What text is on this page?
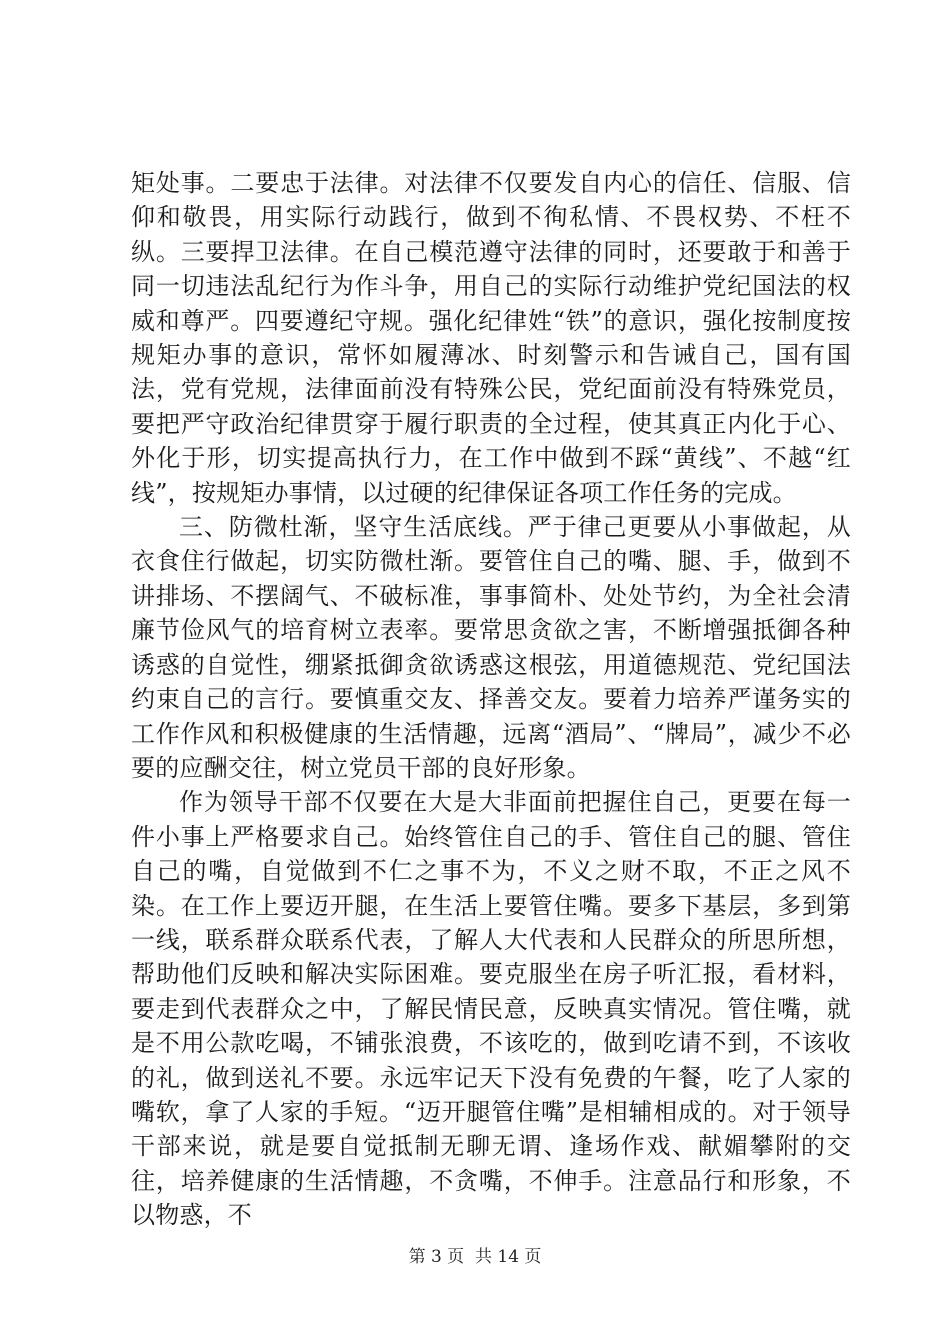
矩处事。二要忠于法律。对法律不仅要发自内心的信任、信服、信仰和敬畏，用实际行动践行，做到不徇私情、不畏权势、不枉不纵。三要捍卫法律。在自己模范遵守法律的同时，还要敢于和善于同一切违法乱纪行为作斗争，用自己的实际行动维护党纪国法的权威和尊严。四要遵纪守规。强化纪律姓“铁”的意识，强化按制度按规矩办事的意识，常怀如履薄冰、时刻警示和告诫自己，国有国法，党有党规，法律面前没有特殊公民，党纪面前没有特殊党员，要把严守政治纪律贯穿于履行职责的全过程，使其真正内化于心、外化于形，切实提高执行力，在工作中做到不踩“黄线”、不越“红线”，按规矩办事情，以过硬的纪律保证各项工作任务的完成。

三、防微杜渐，坚守生活底线。严于律己更要从小事做起，从衣食住行做起，切实防微杜渐。要管住自己的嘴、腿、手，做到不讲排场、不摆阔气、不破标准，事事简朴、处处节约，为全社会清廉节俭风气的培育树立表率。要常思贪欲之害，不断增强抵御各种诱惑的自觉性，绷紧抵御贪欲诱惑这根弦，用道德规范、党纪国法约束自己的言行。要慎重交友、择善交友。要着力培养严谨务实的工作作风和积极健康的生活情趣，远离“酒局”、“牌局”，减少不必要的应酬交往，树立党员干部的良好形象。

作为领导干部不仅要在大是大非面前把握住自己，更要在每一件小事上严格要求自己。始终管住自己的手、管住自己的腿、管住自己的嘴，自觉做到不仁之事不为，不义之财不取，不正之风不染。在工作上要迈开腿，在生活上要管住嘴。要多下基层，多到第一线，联系群众联系代表，了解人大代表和人民群众的所思所想，帮助他们反映和解决实际困难。要克服坐在房子听汇报，看材料，要走到代表群众之中，了解民情民意，反映真实情况。管住嘴，就是不用公款吃喝，不铺张浪费，不该吃的，做到吃请不到，不该收的礼，做到送礼不要。永远牢记天下没有免费的午餐，吃了人家的嘴软，拿了人家的手短。“迈开腿管住嘴”是相辅相成的。对于领导干部来说，就是要自觉抵制无聊无谓、逢场作戏、献媚攀附的交往，培养健康的生活情趣，不贪嘴，不伸手。注意品行和形象，不以物惑，不

第 3 页  共 14 页
